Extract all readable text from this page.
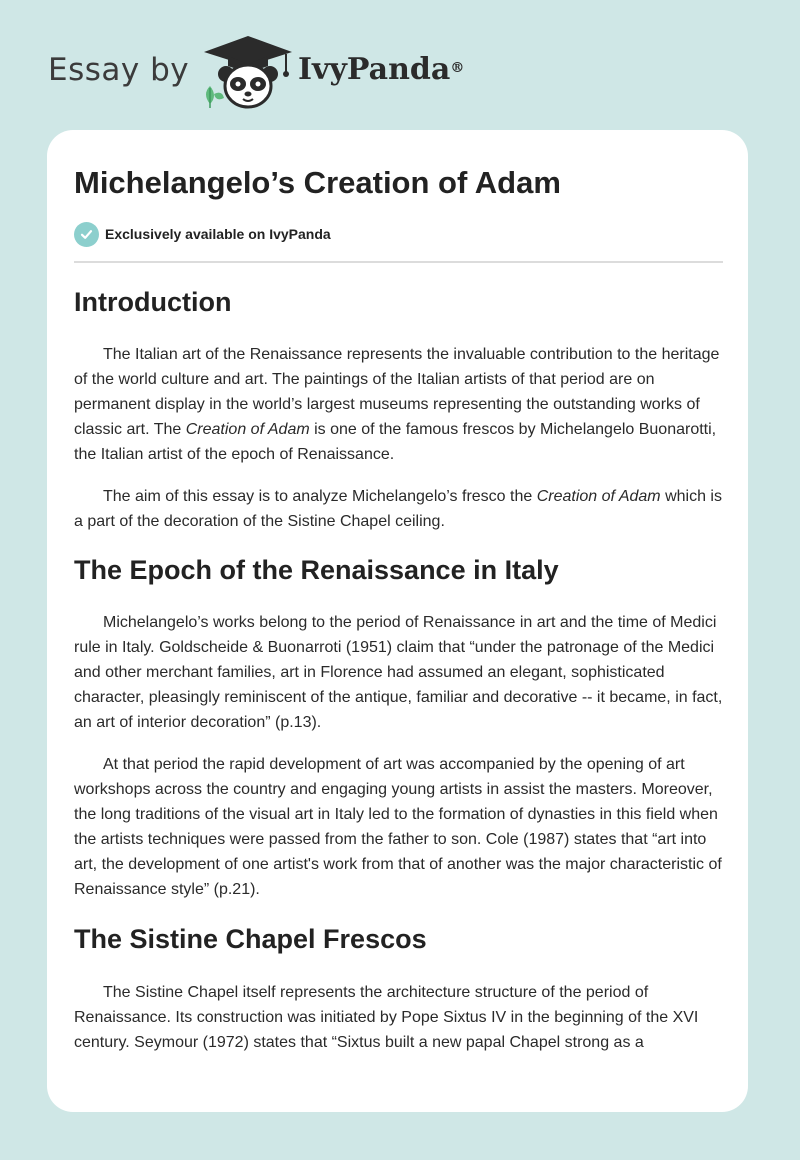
Essay by	IvyPanda®
Michelangelo’s Creation of Adam
Exclusively available on IvyPanda
Introduction

The Italian art of the Renaissance represents the invaluable contribution to the heritage of the world culture and art. The paintings of the Italian artists of that period are on permanent display in the world’s largest museums representing the outstanding works of classic art. The Creation of Adam is one of the famous frescos by Michelangelo Buonarotti, the Italian artist of the epoch of Renaissance.

The aim of this essay is to analyze Michelangelo’s fresco the Creation of Adam which is a part of the decoration of the Sistine Chapel ceiling.

The Epoch of the Renaissance in Italy

Michelangelo’s works belong to the period of Renaissance in art and the time of Medici rule in Italy. Goldscheide & Buonarroti (1951) claim that “under the patronage of the Medici and other merchant families, art in Florence had assumed an elegant, sophisticated character, pleasingly reminiscent of the antique, familiar and decorative -- it became, in fact, an art of interior decoration” (p.13).

At that period the rapid development of art was accompanied by the opening of art workshops across the country and engaging young artists in assist the masters. Moreover, the long traditions of the visual art in Italy led to the formation of dynasties in this field when the artists techniques were passed from the father to son. Cole (1987) states that “art into art, the development of one artist's work from that of another was the major characteristic of Renaissance style” (p.21).

The Sistine Chapel Frescos

The Sistine Chapel itself represents the architecture structure of the period of Renaissance. Its construction was initiated by Pope Sixtus IV in the beginning of the XVI century. Seymour (1972) states that “Sixtus built a new papal Chapel strong as a
